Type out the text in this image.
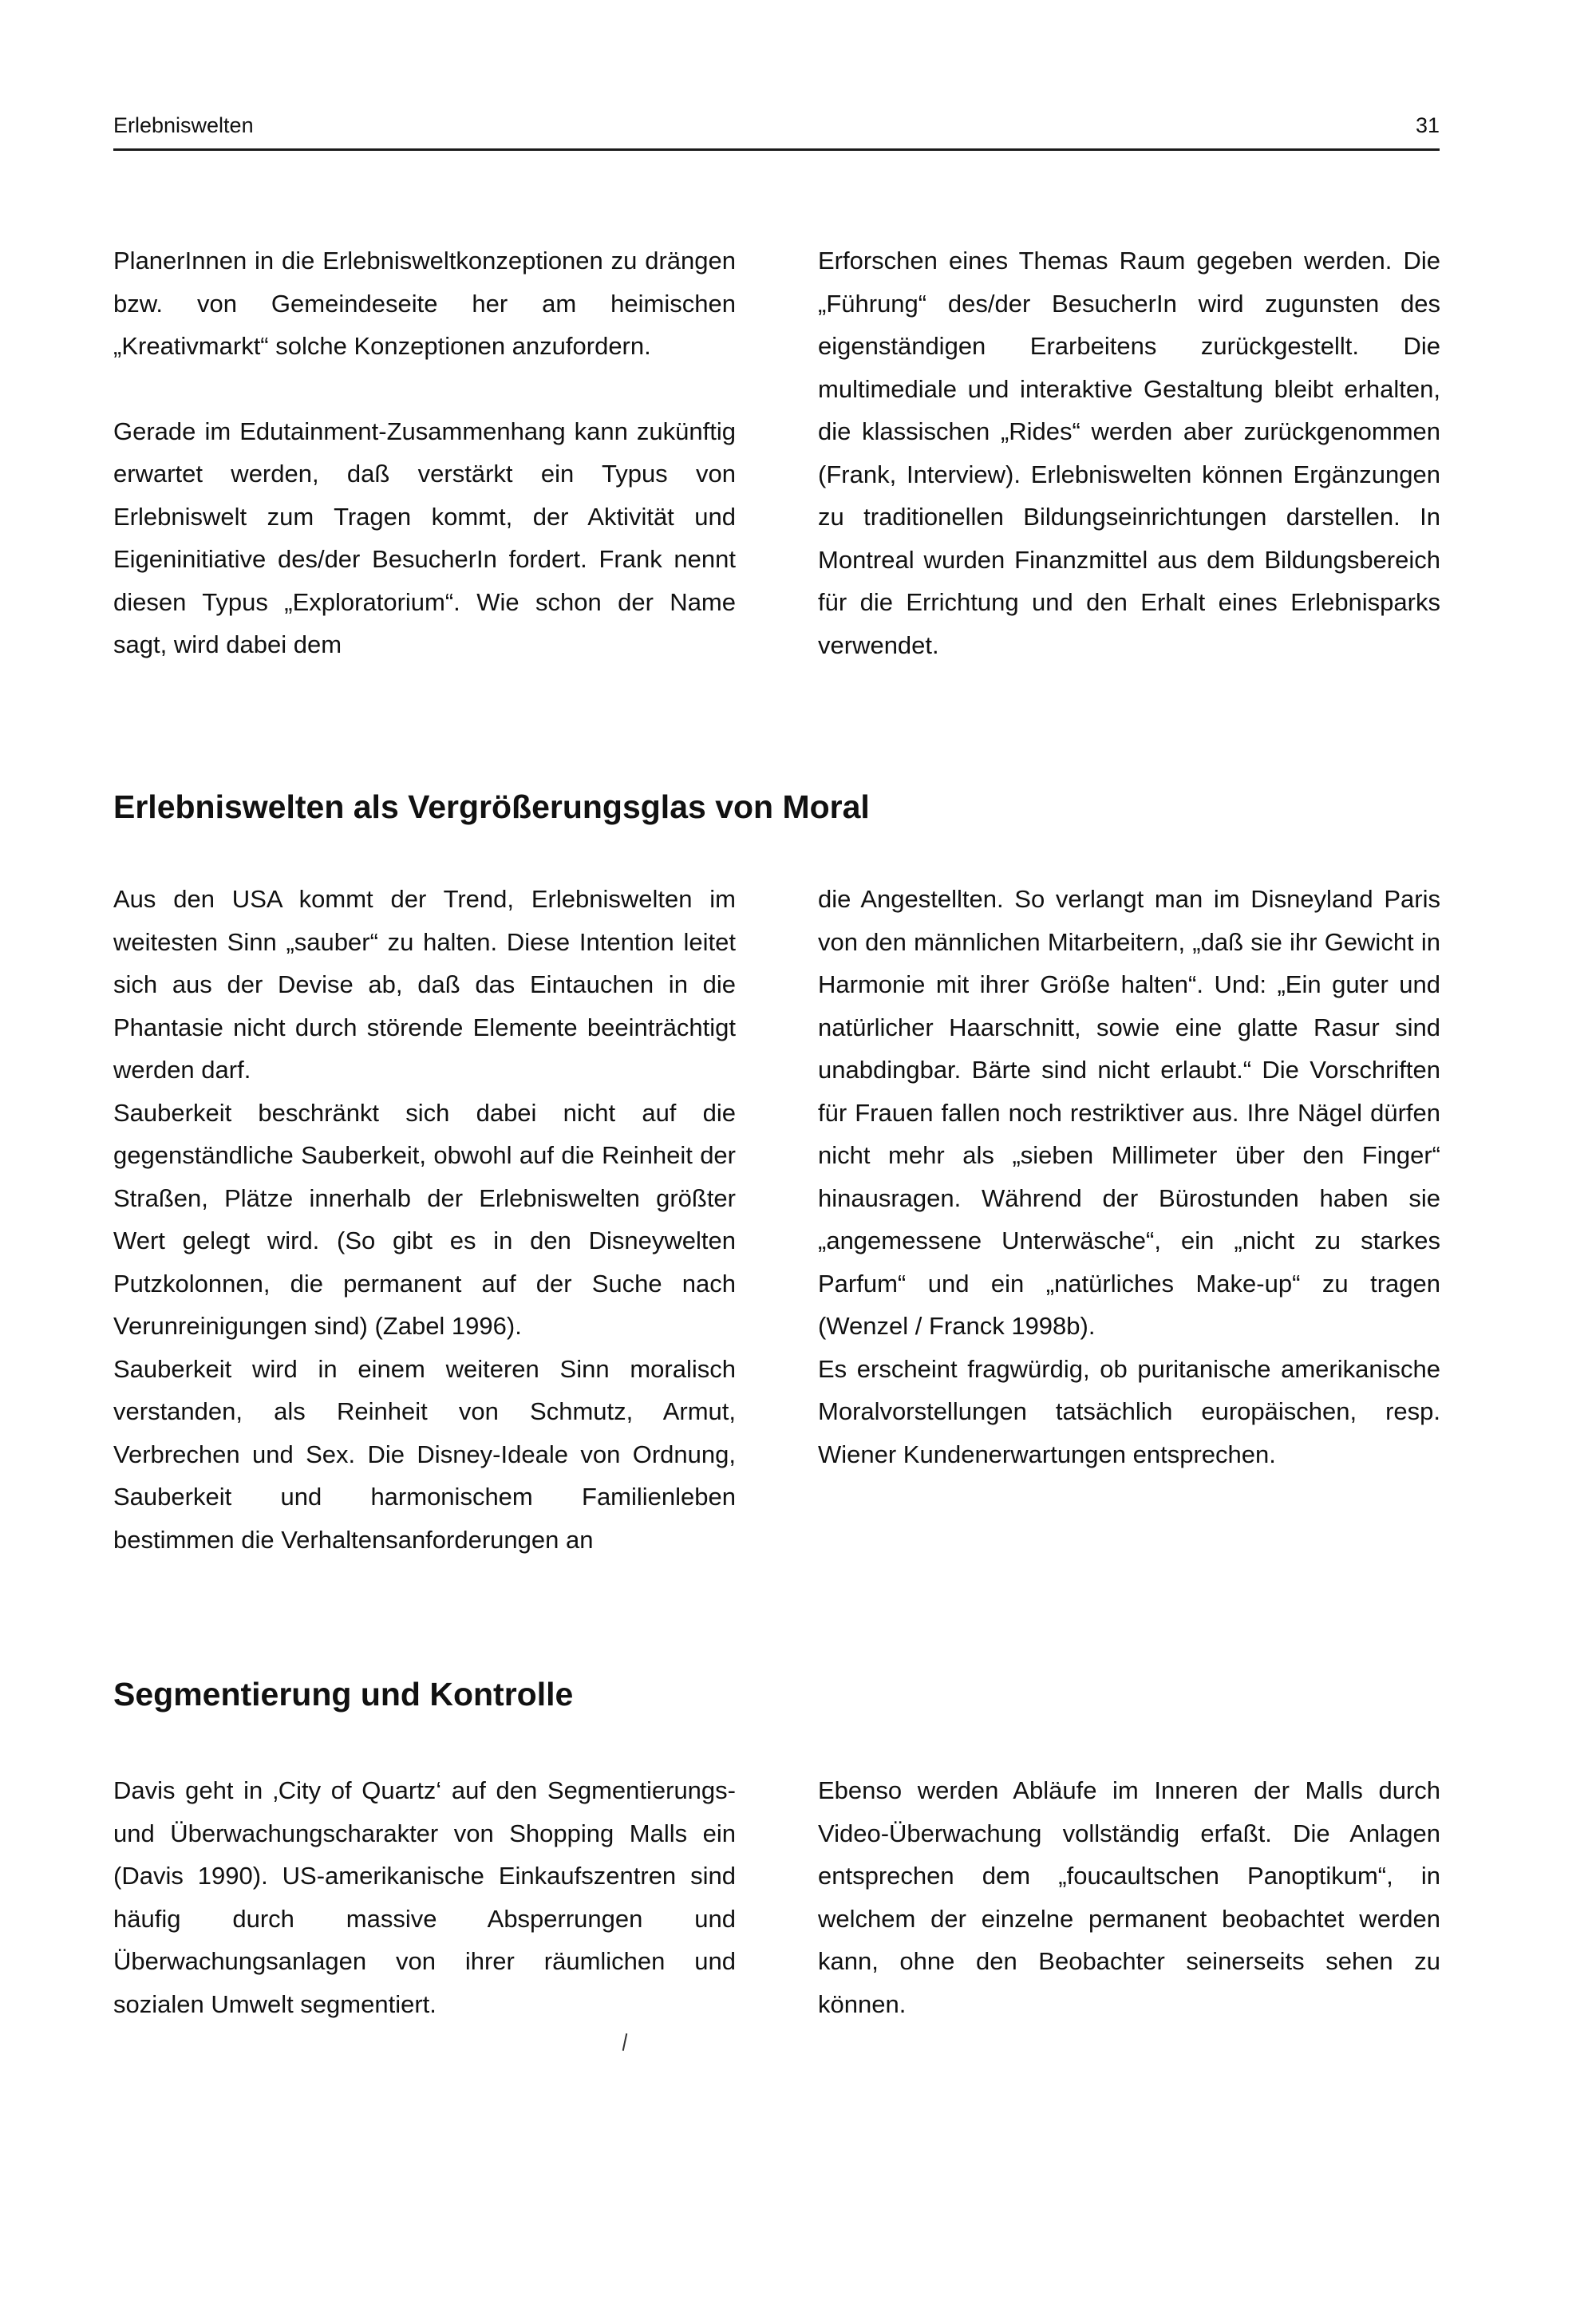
Erlebniswelten	31

PlanerInnen in die Erlebnisweltkonzeptionen zu drängen bzw. von Gemeindeseite her am heimischen „Kreativmarkt“ solche Konzeptionen anzufordern.

Gerade im Edutainment-Zusammenhang kann zukünftig erwartet werden, daß verstärkt ein Typus von Erlebniswelt zum Tragen kommt, der Aktivität und Eigeninitiative des/der BesucherIn fordert. Frank nennt diesen Typus „Exploratorium“. Wie schon der Name sagt, wird dabei dem

Erforschen eines Themas Raum gegeben werden. Die „Führung“ des/der BesucherIn wird zugunsten des eigenständigen Erarbeitens zurückgestellt. Die multimediale und interaktive Gestaltung bleibt erhalten, die klassischen „Rides“ werden aber zurückgenommen (Frank, Interview). Erlebniswelten können Ergänzungen zu traditionellen Bildungseinrichtungen darstellen. In Montreal wurden Finanzmittel aus dem Bildungsbereich für die Errichtung und den Erhalt eines Erlebnisparks verwendet.

Erlebniswelten als Vergrößerungsglas von Moral

Aus den USA kommt der Trend, Erlebniswelten im weitesten Sinn „sauber“ zu halten. Diese Intention leitet sich aus der Devise ab, daß das Eintauchen in die Phantasie nicht durch störende Elemente beeinträchtigt werden darf.

Sauberkeit beschränkt sich dabei nicht auf die gegenständliche Sauberkeit, obwohl auf die Reinheit der Straßen, Plätze innerhalb der Erlebniswelten größter Wert gelegt wird. (So gibt es in den Disneywelten Putzkolonnen, die permanent auf der Suche nach Verunreinigungen sind) (Zabel 1996).

Sauberkeit wird in einem weiteren Sinn moralisch verstanden, als Reinheit von Schmutz, Armut, Verbrechen und Sex. Die Disney-Ideale von Ordnung, Sauberkeit und harmonischem Familienleben bestimmen die Verhaltensanforderungen an

die Angestellten. So verlangt man im Disneyland Paris von den männlichen Mitarbeitern, „daß sie ihr Gewicht in Harmonie mit ihrer Größe halten“. Und: „Ein guter und natürlicher Haarschnitt, sowie eine glatte Rasur sind unabdingbar. Bärte sind nicht erlaubt.“ Die Vorschriften für Frauen fallen noch restriktiver aus. Ihre Nägel dürfen nicht mehr als „sieben Millimeter über den Finger“ hinausragen. Während der Bürostunden haben sie „angemessene Unterwäsche“, ein „nicht zu starkes Parfum“ und ein „natürliches Make-up“ zu tragen (Wenzel / Franck 1998b).

Es erscheint fragwürdig, ob puritanische amerikanische Moralvorstellungen tatsächlich europäischen, resp. Wiener Kundenerwartungen entsprechen.

Segmentierung und Kontrolle

Davis geht in ‚City of Quartz‘ auf den Segmentierungs- und Überwachungscharakter von Shopping Malls ein (Davis 1990). US-amerikanische Einkaufszentren sind häufig durch massive Absperrungen und Überwachungsanlagen von ihrer räumlichen und sozialen Umwelt segmentiert.

Ebenso werden Abläufe im Inneren der Malls durch Video-Überwachung vollständig erfaßt. Die Anlagen entsprechen dem „foucaultschen Panoptikum“, in welchem der einzelne permanent beobachtet werden kann, ohne den Beobachter seinerseits sehen zu können.
